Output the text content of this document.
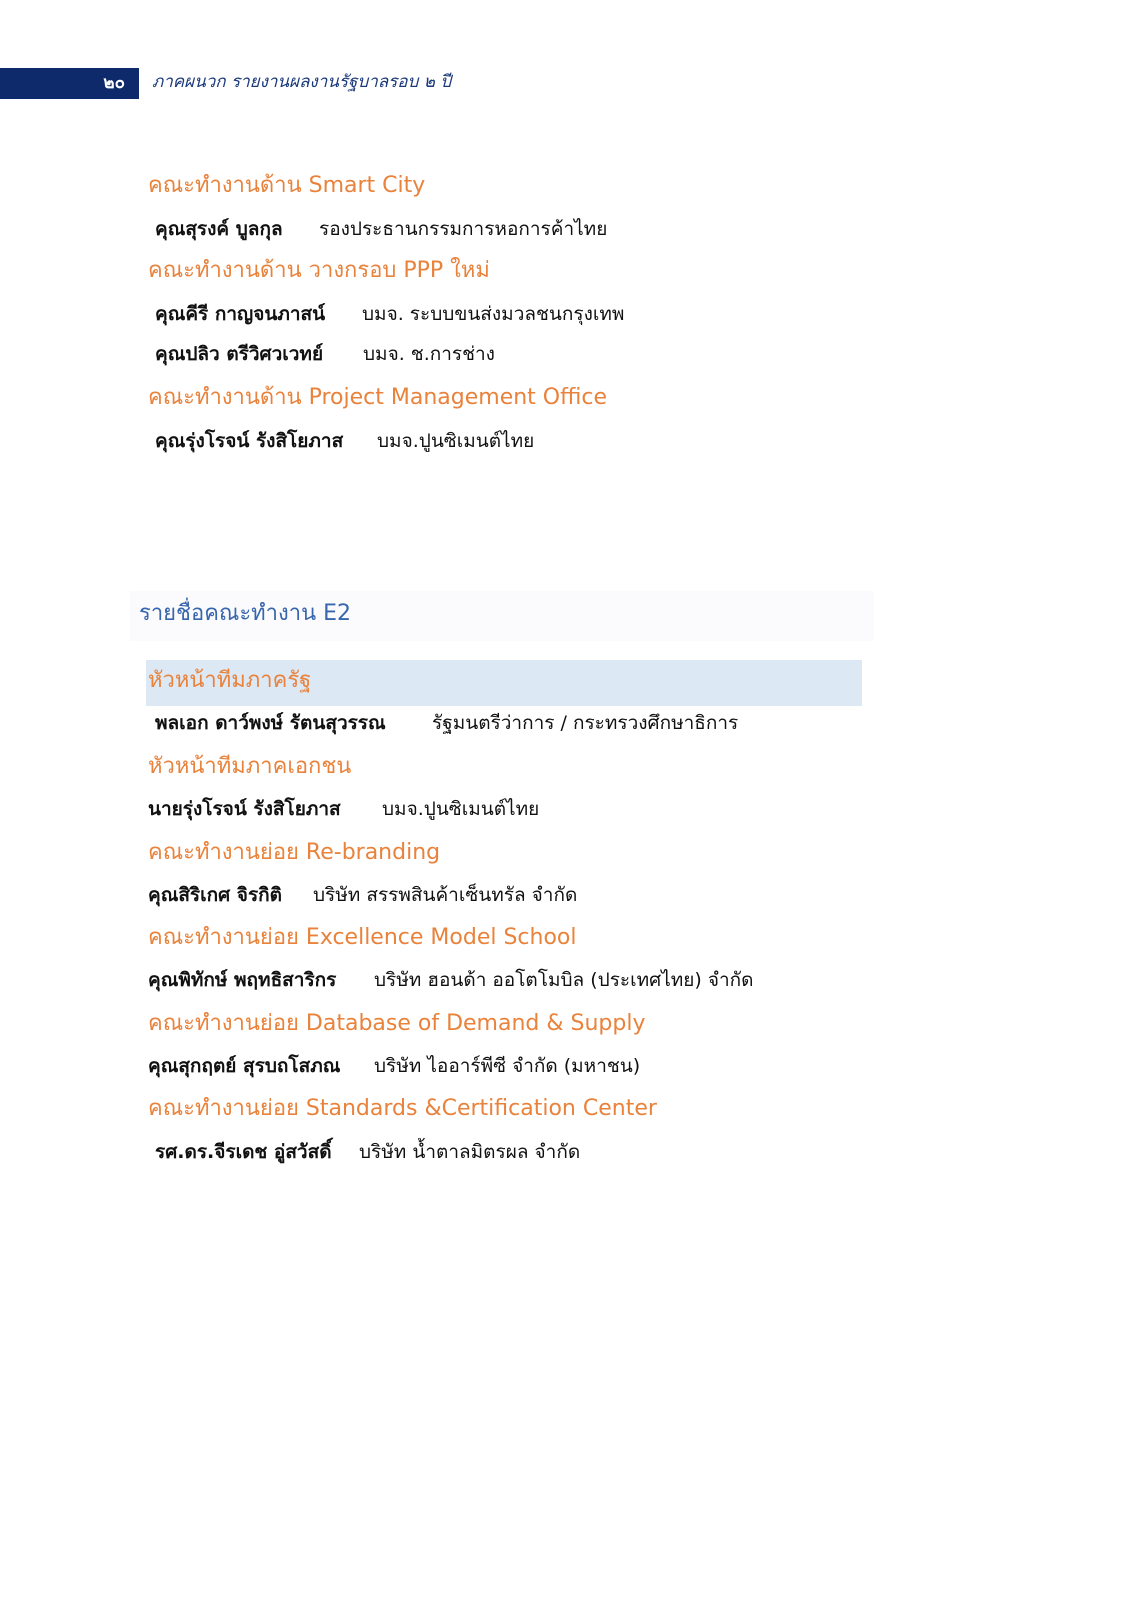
๒๐ ภาคผนวก รายงานผลงานรัฐบาลรอบ ๒ ปี
คณะทำงานด้าน Smart City
คุณสุรงค์ บูลกุล รองประธานกรรมการหอการค้าไทย
คณะทำงานด้าน วางกรอบ PPP ใหม่
คุณคีรี กาญจนภาสน์ บมจ. ระบบขนส่งมวลชนกรุงเทพ
คุณปลิว ตรีวิศวเวทย์ บมจ. ช.การช่าง
คณะทำงานด้าน Project Management Office
คุณรุ่งโรจน์ รังสิโยภาส บมจ.ปูนซิเมนต์ไทย
รายชื่อคณะทำงาน E2
หัวหน้าทีมภาครัฐ
พลเอก ดาว์พงษ์ รัตนสุวรรณ รัฐมนตรีว่าการ / กระทรวงศึกษาธิการ
หัวหน้าทีมภาคเอกชน
นายรุ่งโรจน์ รังสิโยภาส บมจ.ปูนซิเมนต์ไทย
คณะทำงานย่อย Re-branding
คุณสิริเกศ จิรกิติ บริษัท สรรพสินค้าเซ็นทรัล จำกัด
คณะทำงานย่อย Excellence Model School
คุณพิทักษ์ พฤทธิสาริกร บริษัท ฮอนด้า ออโตโมบิล (ประเทศไทย) จำกัด
คณะทำงานย่อย Database of Demand & Supply
คุณสุกฤตย์ สุรบถโสภณ บริษัท ไออาร์พีซี จำกัด (มหาชน)
คณะทำงานย่อย Standards &Certification Center
รศ.ดร.จีรเดช อู่สวัสดิ์ บริษัท น้ำตาลมิตรผล จำกัด
